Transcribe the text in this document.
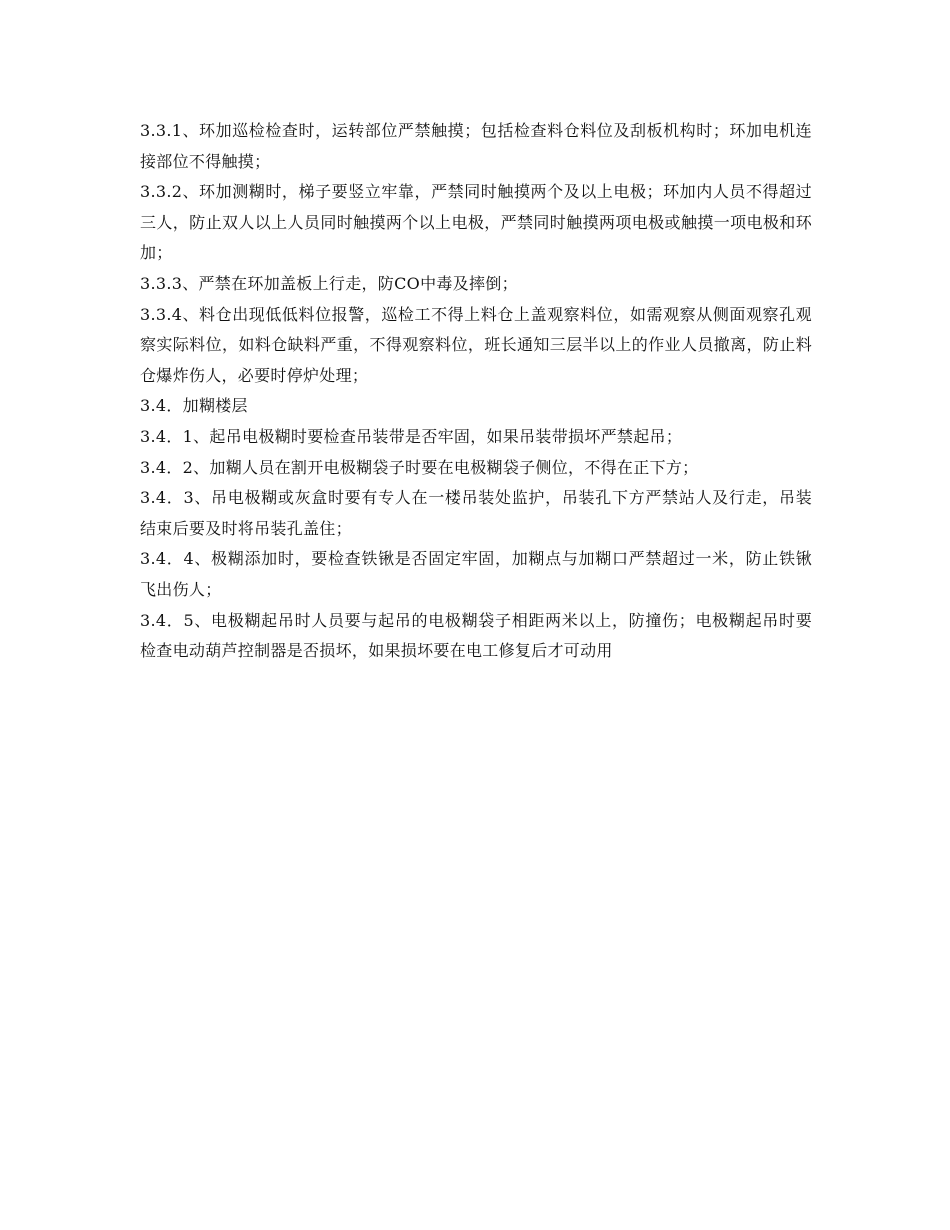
3.3.1、环加巡检检查时，运转部位严禁触摸；包括检查料仓料位及刮板机构时；环加电机连接部位不得触摸；

3.3.2、环加测糊时，梯子要竖立牢靠，严禁同时触摸两个及以上电极；环加内人员不得超过三人，防止双人以上人员同时触摸两个以上电极，严禁同时触摸两项电极或触摸一项电极和环加；

3.3.3、严禁在环加盖板上行走，防CO中毒及摔倒；

3.3.4、料仓出现低低料位报警，巡检工不得上料仓上盖观察料位，如需观察从侧面观察孔观察实际料位，如料仓缺料严重，不得观察料位，班长通知三层半以上的作业人员撤离，防止料仓爆炸伤人，必要时停炉处理；

3.4．加糊楼层

3.4．1、起吊电极糊时要检查吊装带是否牢固，如果吊装带损坏严禁起吊；

3.4．2、加糊人员在割开电极糊袋子时要在电极糊袋子侧位，不得在正下方；

3.4．3、吊电极糊或灰盒时要有专人在一楼吊装处监护，吊装孔下方严禁站人及行走，吊装结束后要及时将吊装孔盖住；

3.4．4、极糊添加时，要检查铁锹是否固定牢固，加糊点与加糊口严禁超过一米，防止铁锹飞出伤人；

3.4．5、电极糊起吊时人员要与起吊的电极糊袋子相距两米以上，防撞伤；电极糊起吊时要检查电动葫芦控制器是否损坏，如果损坏要在电工修复后才可动用
